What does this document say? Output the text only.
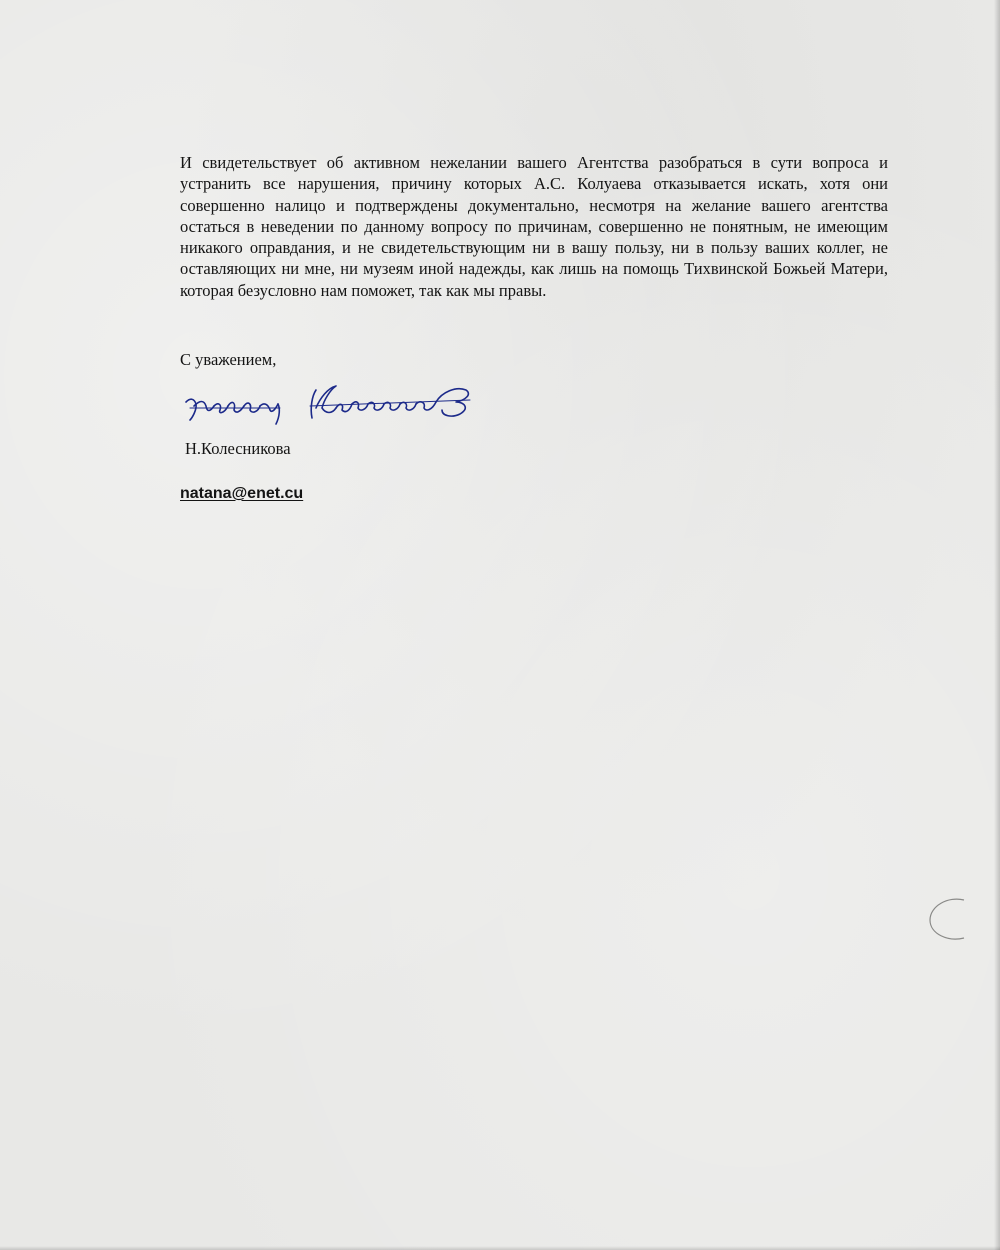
И свидетельствует об активном нежелании вашего Агентства разобраться в сути вопроса и устранить все нарушения, причину которых А.С. Колуаева отказывается искать, хотя они совершенно налицо и подтверждены документально, несмотря на желание вашего агентства остаться в неведении по данному вопросу по причинам, совершенно не понятным, не имеющим никакого оправдания, и не свидетельствующим ни в вашу пользу, ни в пользу ваших коллег, не оставляющих ни мне, ни музеям иной надежды, как лишь на помощь Тихвинской Божьей Матери, которая безусловно нам поможет, так как мы правы.

С уважением,

Н.Колесникова

natana@enet.cu
